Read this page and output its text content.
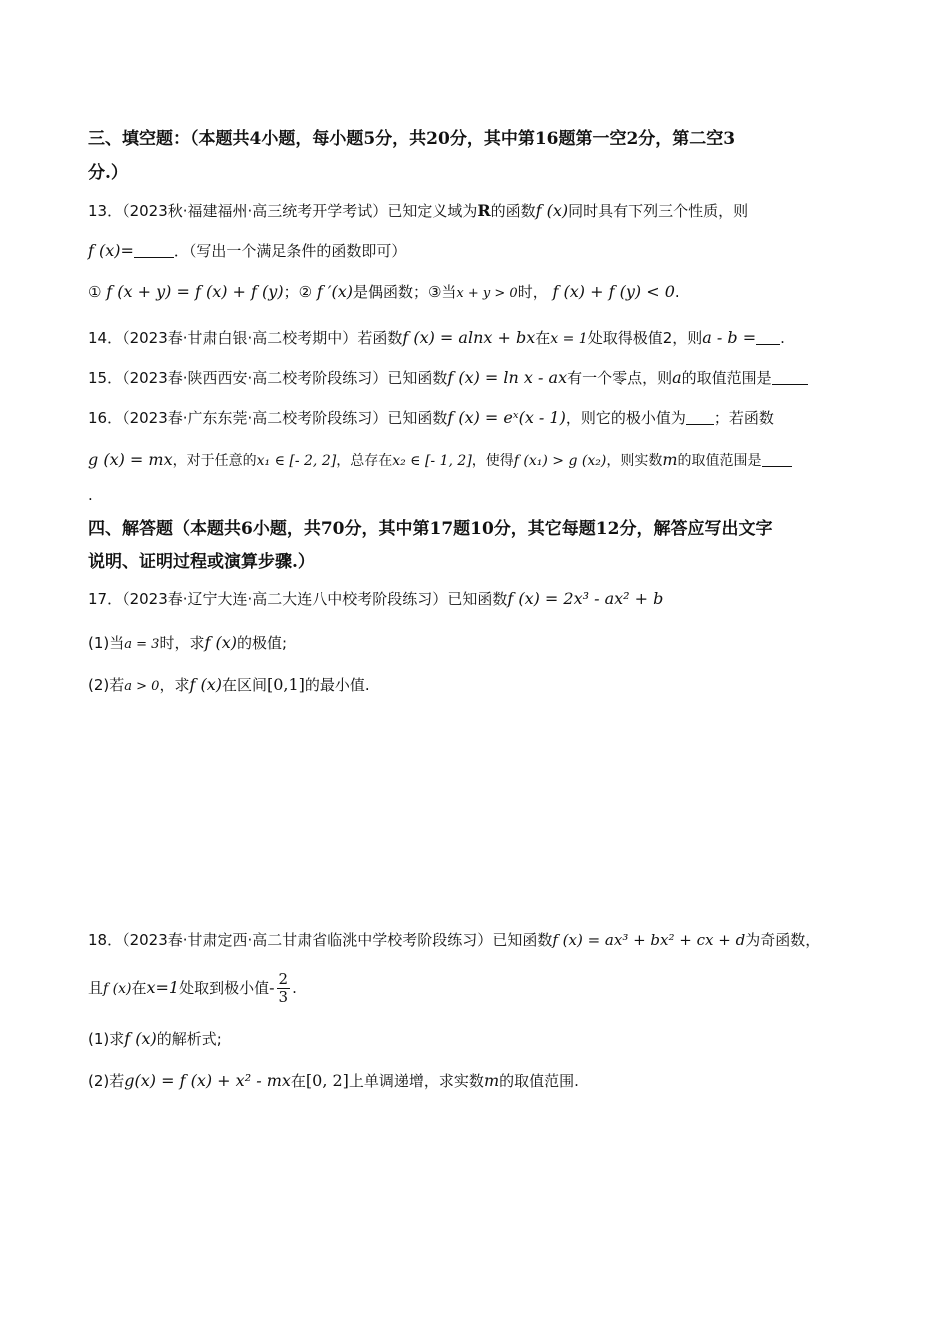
三、填空题：（本题共4小题，每小题5分，共20分，其中第16题第一空2分，第二空3
分.）
13．（2023秋·福建福州·高三统考开学考试）已知定义域为R的函数f (x)同时具有下列三个性质，则
f (x)=	．（写出一个满足条件的函数即可）
① f (x + y) = f (x) + f (y)；② f ′(x)是偶函数；③当x + y > 0时， f (x) + f (y) < 0.
14．（2023春·甘肃白银·高二校考期中）若函数f (x) = alnx + bx在x = 1处取得极值2，则a - b = .
15．（2023春·陕西西安·高二校考阶段练习）已知函数f (x) = ln x - ax有一个零点，则a的取值范围是
16．（2023春·广东东莞·高二校考阶段练习）已知函数f (x) = eˣ(x - 1)，则它的极小值为 ；若函数
g (x) = mx，对于任意的x₁ ∈ [- 2, 2]，总存在x₂ ∈ [- 1, 2]，使得f (x₁) > g (x₂)，则实数m的取值范围是
.
四、解答题（本题共6小题，共70分，其中第17题10分，其它每题12分，解答应写出文字
说明、证明过程或演算步骤.）
17．（2023春·辽宁大连·高二大连八中校考阶段练习）已知函数f (x) = 2x³ - ax² + b
(1)当a = 3时，求f (x)的极值;
(2)若a > 0，求f (x)在区间[0,1]的最小值.
18．（2023春·甘肃定西·高二甘肃省临洮中学校考阶段练习）已知函数f (x) = ax³ + bx² + cx + d为奇函数，
且f (x)在x=1处取到极小值- $\frac{2}{3}$ .
(1)求f (x)的解析式;
(2)若g(x) = f (x) + x² - mx在[0, 2]上单调递增，求实数m的取值范围.
